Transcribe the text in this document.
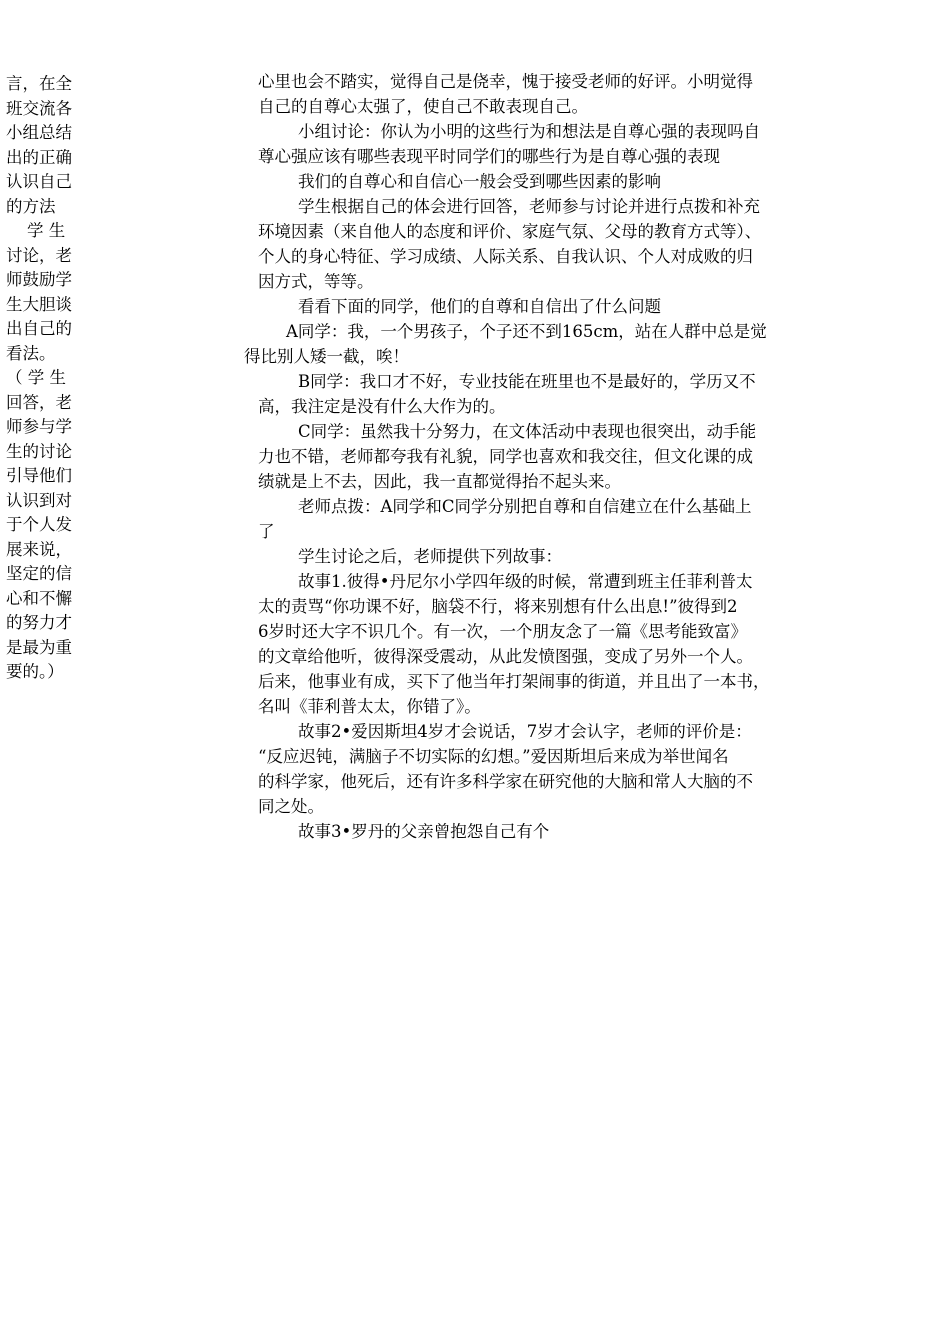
言，在全
班交流各
小组总结
出的正确
认识自己
的方法
学 生
讨论，老
师鼓励学
生大胆谈
出自己的
看法。
（ 学 生
回答，老
师参与学
生的讨论
引导他们
认识到对
于个人发
展来说，
坚定的信
心和不懈
的努力才
是最为重
要的。）
心里也会不踏实，觉得自己是侥幸，愧于接受老师的好评。小明觉得
自己的自尊心太强了，使自己不敢表现自己。
小组讨论：你认为小明的这些行为和想法是自尊心强的表现吗自
尊心强应该有哪些表现平时同学们的哪些行为是自尊心强的表现
我们的自尊心和自信心一般会受到哪些因素的影响
学生根据自己的体会进行回答，老师参与讨论并进行点拨和补充
环境因素（来自他人的态度和评价、家庭气氛、父母的教育方式等）、
个人的身心特征、学习成绩、人际关系、自我认识、个人对成败的归
因方式，等等。
看看下面的同学，他们的自尊和自信出了什么问题
A同学：我，一个男孩子，个子还不到165cm，站在人群中总是觉
得比别人矮一截，唉！
B同学：我口才不好，专业技能在班里也不是最好的，学历又不
高，我注定是没有什么大作为的。
C同学：虽然我十分努力，在文体活动中表现也很突出，动手能
力也不错，老师都夸我有礼貌，同学也喜欢和我交往，但文化课的成
绩就是上不去，因此，我一直都觉得抬不起头来。
老师点拨：A同学和C同学分别把自尊和自信建立在什么基础上
了
学生讨论之后，老师提供下列故事：
故事1.彼得•丹尼尔小学四年级的时候，常遭到班主任菲利普太
太的责骂“你功课不好，脑袋不行，将来别想有什么出息!”彼得到2
6岁时还大字不识几个。有一次，一个朋友念了一篇《思考能致富》
的文章给他听，彼得深受震动，从此发愤图强，变成了另外一个人。
后来，他事业有成，买下了他当年打架闹事的街道，并且出了一本书，
名叫《菲利普太太，你错了》。
故事2•爱因斯坦4岁才会说话，7岁才会认字，老师的评价是：
“反应迟钝，满脑子不切实际的幻想。”爱因斯坦后来成为举世闻名
的科学家，他死后，还有许多科学家在研究他的大脑和常人大脑的不
同之处。
故事3•罗丹的父亲曾抱怨自己有个
